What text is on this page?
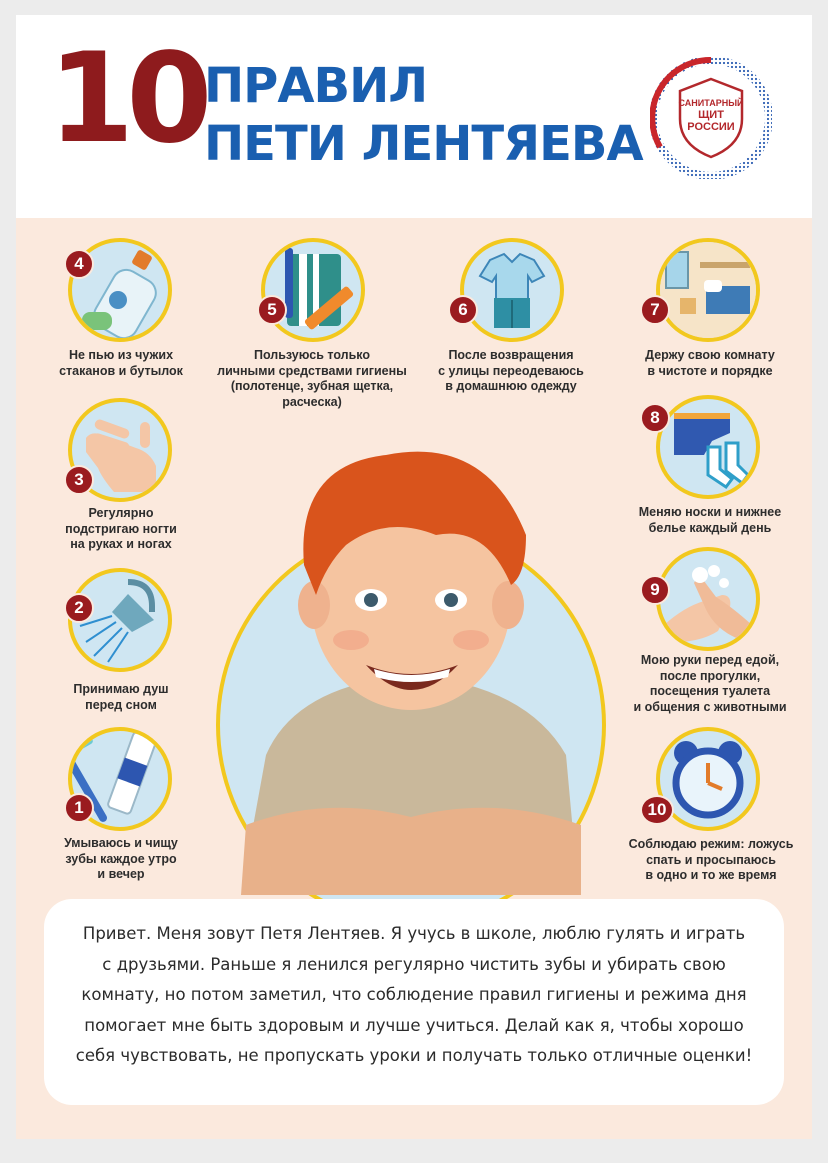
10 ПРАВИЛ
ПЕТИ ЛЕНТЯЕВА
САНИТАРНЫЙ
ЩИТ
РОССИИ
4
Не пью из чужих
стаканов и бутылок
5
Пользуюсь только
личными средствами гигиены
(полотенце, зубная щетка,
расческа)
6
После возвращения
с улицы переодеваюсь
в домашнюю одежду
7
Держу свою комнату
в чистоте и порядке
3
Регулярно
подстригаю ногти
на руках и ногах
8
Меняю носки и нижнее
белье каждый день
2
Принимаю душ
перед сном
9
Мою руки перед едой,
после прогулки,
посещения туалета
и общения с животными
1
Умываюсь и чищу
зубы каждое утро
и вечер
10
Соблюдаю режим: ложусь
спать и просыпаюсь
в одно и то же время
Привет. Меня зовут Петя Лентяев. Я учусь в школе, люблю гулять и играть
с друзьями. Раньше я ленился регулярно чистить зубы и убирать свою
комнату, но потом заметил, что соблюдение правил гигиены и режима дня
помогает мне быть здоровым и лучше учиться. Делай как я, чтобы хорошо
себя чувствовать, не пропускать уроки и получать только отличные оценки!
